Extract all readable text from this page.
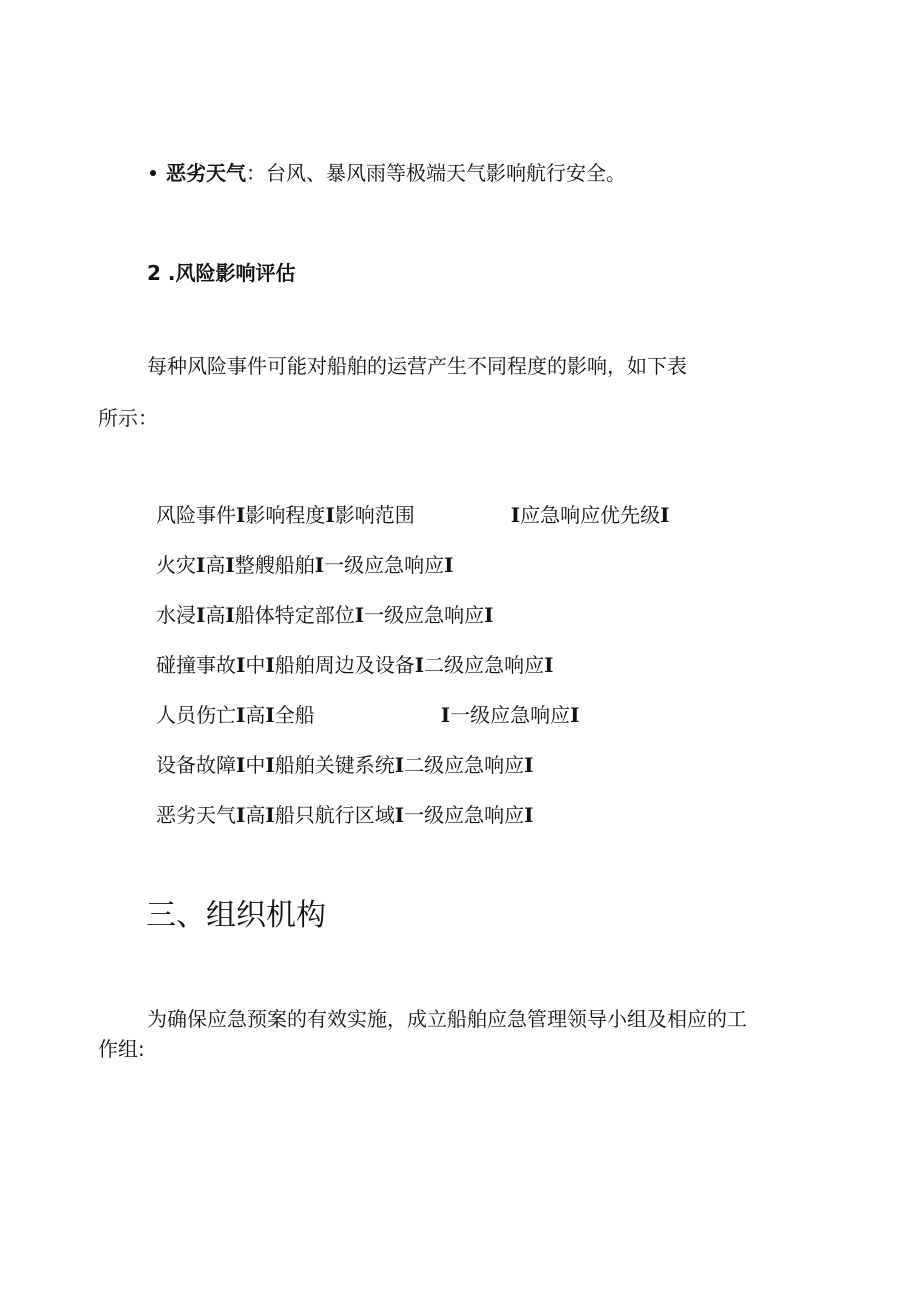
恶劣天气：台风、暴风雨等极端天气影响航行安全。
2 .风险影响评估
每种风险事件可能对船舶的运营产生不同程度的影响，如下表
所示：
风险事件I影响程度I影响范围	I应急响应优先级I
火灾I高I整艘船舶I一级应急响应I
水浸I高I船体特定部位I一级应急响应I
碰撞事故I中I船舶周边及设备I二级应急响应I
人员伤亡I高I全船	I一级应急响应I
设备故障I中I船舶关键系统I二级应急响应I
恶劣天气I高I船只航行区域I一级应急响应I
三、组织机构
为确保应急预案的有效实施，成立船舶应急管理领导小组及相应的工
作组:
